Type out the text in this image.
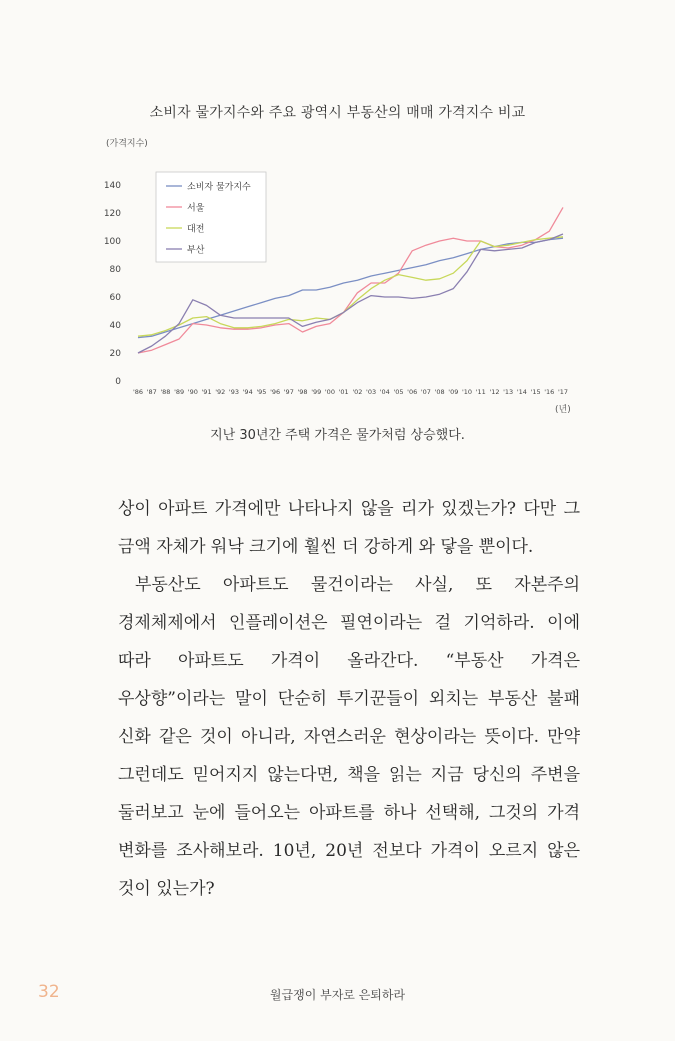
소비자 물가지수와 주요 광역시 부동산의 매매 가격지수 비교
(가격지수)
(년)
0
20
40
60
80
100
120
140
'86 '87 '88 '89 '90 '91 '92 '93 '94 '95 '96 '97 '98 '99 '00 '01 '02 '03 '04 '05 '06 '07 '08 '09 '10 '11 '12 '13 '14 '15 '16 '17
소비자 물가지수
서울
대전
부산
지난 30년간 주택 가격은 물가처럼 상승했다.

상이 아파트 가격에만 나타나지 않을 리가 있겠는가? 다만 그 금액 자체가 워낙 크기에 훨씬 더 강하게 와 닿을 뿐이다.

부동산도 아파트도 물건이라는 사실, 또 자본주의 경제체제에서 인플레이션은 필연이라는 걸 기억하라. 이에 따라 아파트도 가격이 올라간다. “부동산 가격은 우상향”이라는 말이 단순히 투기꾼들이 외치는 부동산 불패 신화 같은 것이 아니라, 자연스러운 현상이라는 뜻이다. 만약 그런데도 믿어지지 않는다면, 책을 읽는 지금 당신의 주변을 둘러보고 눈에 들어오는 아파트를 하나 선택해, 그것의 가격 변화를 조사해보라. 10년, 20년 전보다 가격이 오르지 않은 것이 있는가?

32	월급쟁이 부자로 은퇴하라
